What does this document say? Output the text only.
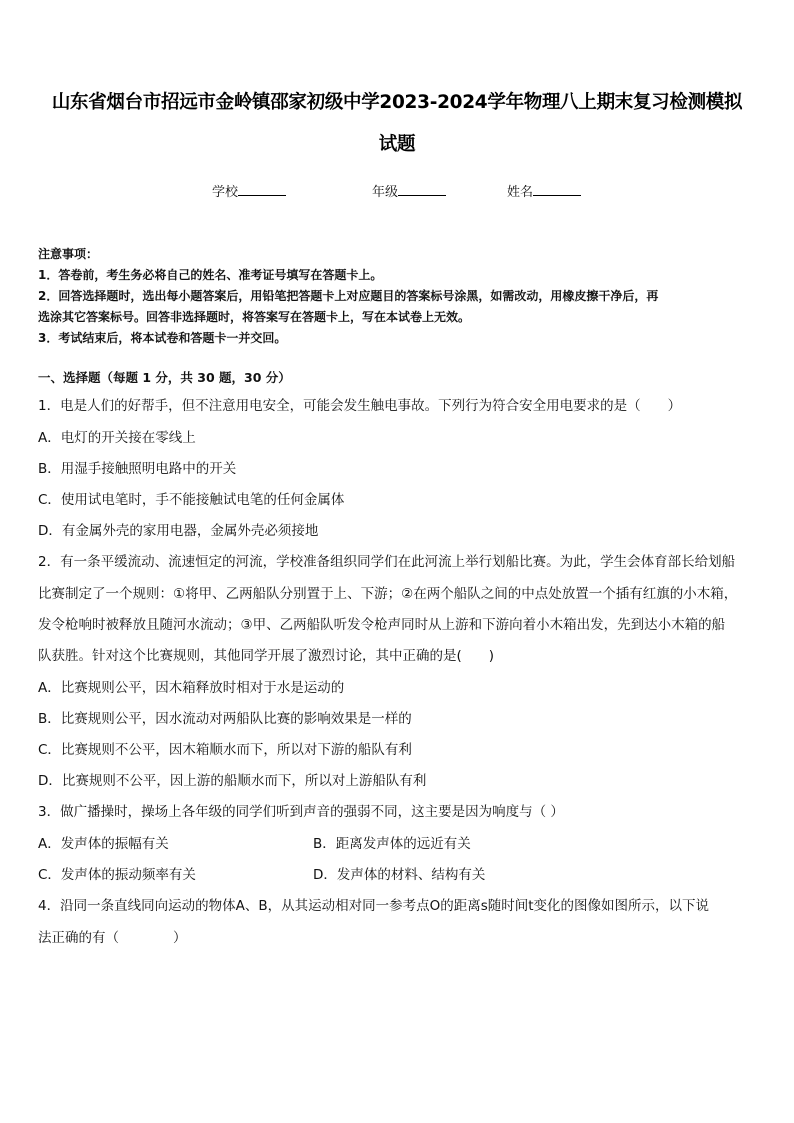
山东省烟台市招远市金岭镇邵家初级中学2023-2024学年物理八上期末复习检测模拟
试题
学校	年级	姓名
注意事项：
1．答卷前，考生务必将自己的姓名、准考证号填写在答题卡上。
2．回答选择题时，选出每小题答案后，用铅笔把答题卡上对应题目的答案标号涂黑，如需改动，用橡皮擦干净后，再
选涂其它答案标号。回答非选择题时，将答案写在答题卡上，写在本试卷上无效。
3．考试结束后，将本试卷和答题卡一并交回。
一、选择题（每题 1 分，共 30 题，30 分）
1．电是人们的好帮手，但不注意用电安全，可能会发生触电事故。下列行为符合安全用电要求的是（　　）
A．电灯的开关接在零线上
B．用湿手接触照明电路中的开关
C．使用试电笔时，手不能接触试电笔的任何金属体
D．有金属外壳的家用电器，金属外壳必须接地
2．有一条平缓流动、流速恒定的河流，学校准备组织同学们在此河流上举行划船比赛。为此，学生会体育部长给划船
比赛制定了一个规则：①将甲、乙两船队分别置于上、下游；②在两个船队之间的中点处放置一个插有红旗的小木箱，
发令枪响时被释放且随河水流动；③甲、乙两船队听发令枪声同时从上游和下游向着小木箱出发，先到达小木箱的船
队获胜。针对这个比赛规则，其他同学开展了激烈讨论，其中正确的是(　　)
A．比赛规则公平，因木箱释放时相对于水是运动的
B．比赛规则公平，因水流动对两船队比赛的影响效果是一样的
C．比赛规则不公平，因木箱顺水而下，所以对下游的船队有利
D．比赛规则不公平，因上游的船顺水而下，所以对上游船队有利
3．做广播操时，操场上各年级的同学们听到声音的强弱不同，这主要是因为响度与（ ）
A．发声体的振幅有关	B．距离发声体的远近有关
C．发声体的振动频率有关	D．发声体的材料、结构有关
4．沿同一条直线同向运动的物体A、B，从其运动相对同一参考点O的距离s随时间t变化的图像如图所示，以下说
法正确的有（　　　　）
